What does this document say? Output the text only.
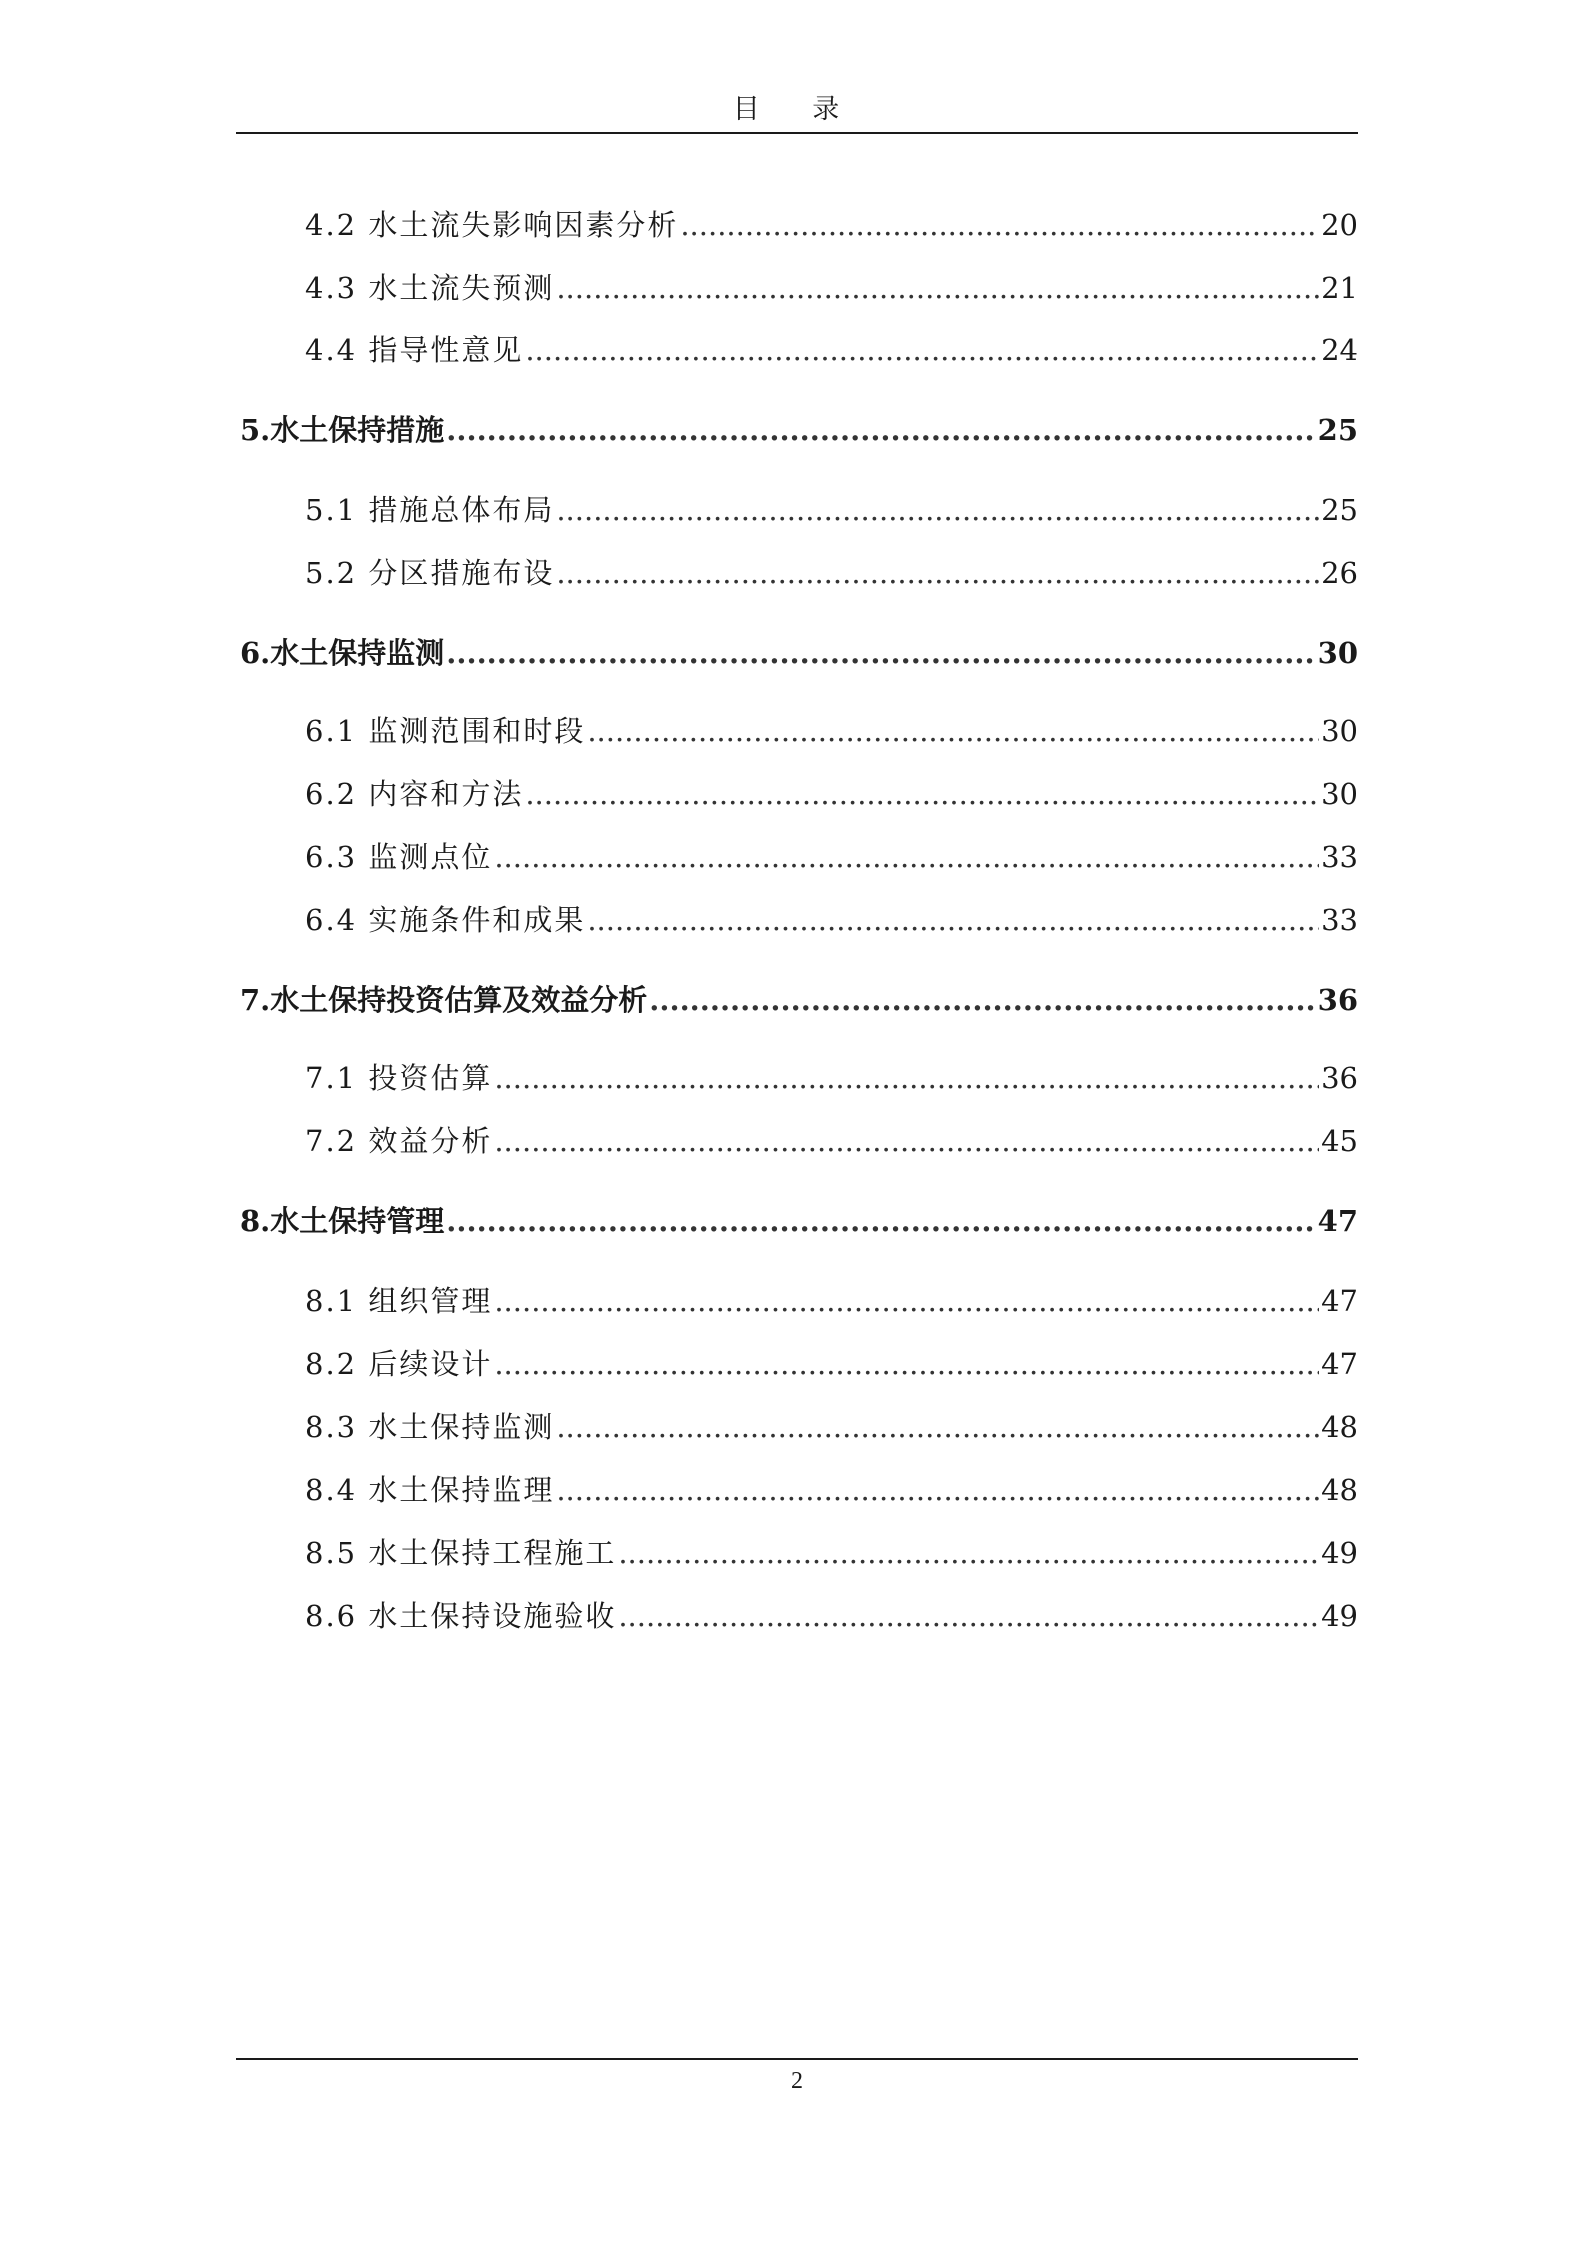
目 录
4.2 水土流失影响因素分析 .....	20
4.3 水土流失预测 .....	21
4.4 指导性意见 .....	24
5.水土保持措施 .....	25
5.1 措施总体布局 .....	25
5.2 分区措施布设 .....	26
6.水土保持监测 .....	30
6.1 监测范围和时段 .....	30
6.2 内容和方法 .....	30
6.3 监测点位 .....	33
6.4 实施条件和成果 .....	33
7.水土保持投资估算及效益分析 .....	36
7.1 投资估算 .....	36
7.2 效益分析 .....	45
8.水土保持管理 .....	47
8.1 组织管理 .....	47
8.2 后续设计 .....	47
8.3 水土保持监测 .....	48
8.4 水土保持监理 .....	48
8.5 水土保持工程施工 .....	49
8.6 水土保持设施验收 .....	49
2
